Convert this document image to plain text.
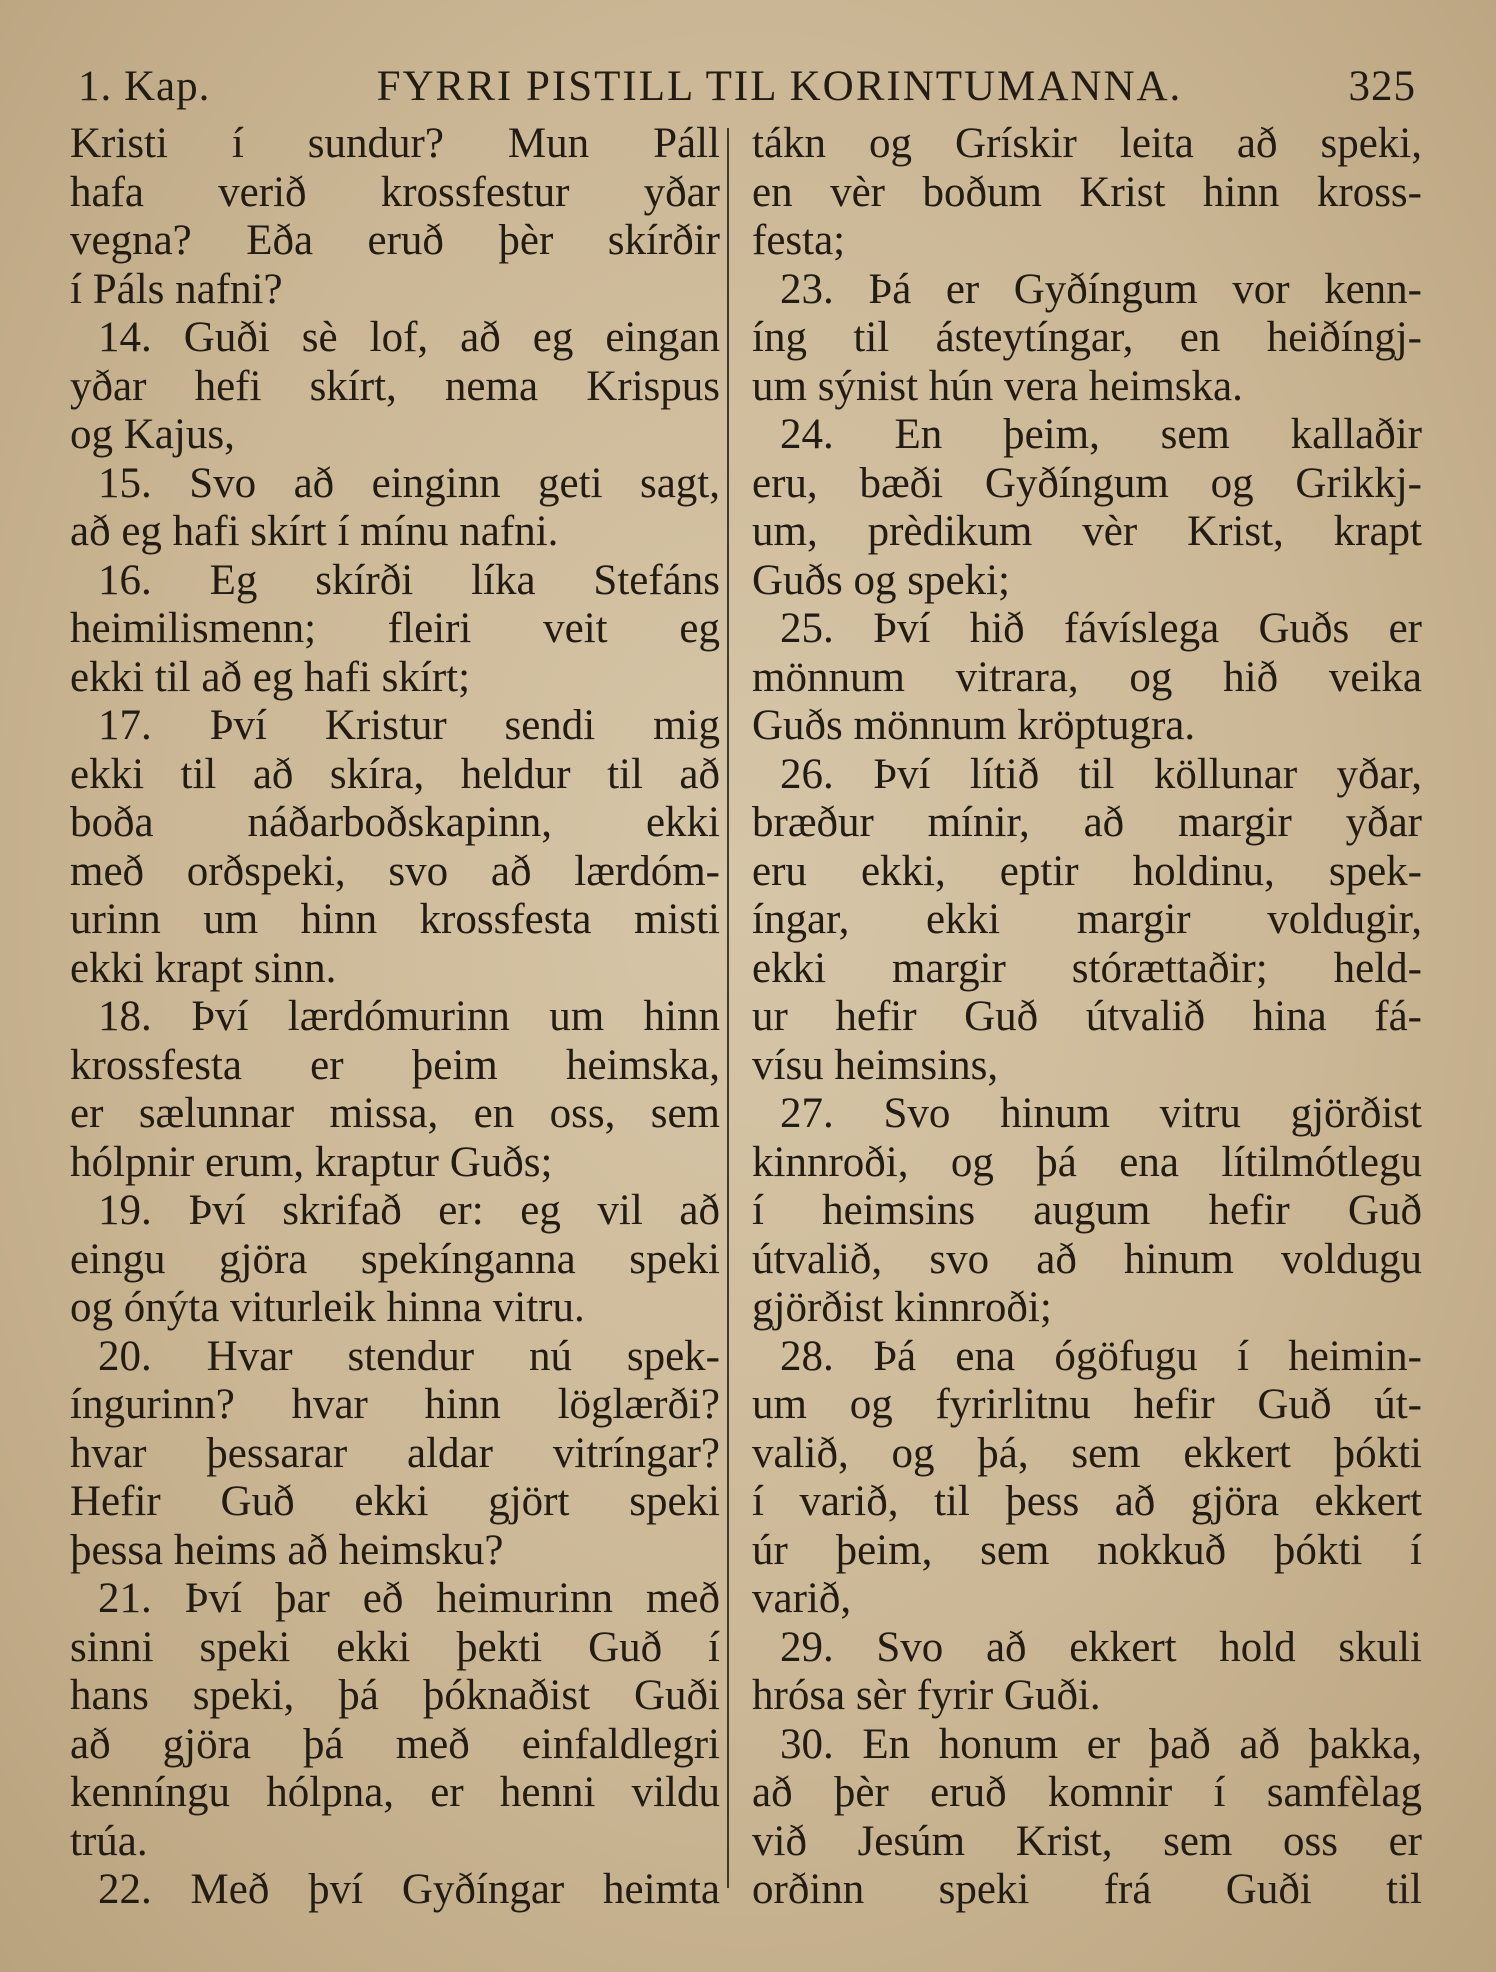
1. Kap.	FYRRI PISTILL TIL KORINTUMANNA.	325
Kristi í sundur? Mun Páll
hafa verið krossfestur yðar
vegna? Eða eruð þèr skírðir
í Páls nafni?
14. Guði sè lof, að eg eingan
yðar hefi skírt, nema Krispus
og Kajus,
15. Svo að einginn geti sagt,
að eg hafi skírt í mínu nafni.
16. Eg skírði líka Stefáns
heimilismenn; fleiri veit eg
ekki til að eg hafi skírt;
17. Því Kristur sendi mig
ekki til að skíra, heldur til að
boða náðarboðskapinn, ekki
með orðspeki, svo að lærdóm-
urinn um hinn krossfesta misti
ekki krapt sinn.
18. Því lærdómurinn um hinn
krossfesta er þeim heimska,
er sælunnar missa, en oss, sem
hólpnir erum, kraptur Guðs;
19. Því skrifað er: eg vil að
eingu gjöra spekínganna speki
og ónýta viturleik hinna vitru.
20. Hvar stendur nú spek-
íngurinn? hvar hinn löglærði?
hvar þessarar aldar vitríngar?
Hefir Guð ekki gjört speki
þessa heims að heimsku?
21. Því þar eð heimurinn með
sinni speki ekki þekti Guð í
hans speki, þá þóknaðist Guði
að gjöra þá með einfaldlegri
kenníngu hólpna, er henni vildu
trúa.
22. Með því Gyðíngar heimta
tákn og Grískir leita að speki,
en vèr boðum Krist hinn kross-
festa;
23. Þá er Gyðíngum vor kenn-
íng til ásteytíngar, en heiðíngj-
um sýnist hún vera heimska.
24. En þeim, sem kallaðir
eru, bæði Gyðíngum og Grikkj-
um, prèdikum vèr Krist, krapt
Guðs og speki;
25. Því hið fávíslega Guðs er
mönnum vitrara, og hið veika
Guðs mönnum kröptugra.
26. Því lítið til köllunar yðar,
bræður mínir, að margir yðar
eru ekki, eptir holdinu, spek-
íngar, ekki margir voldugir,
ekki margir stórættaðir; held-
ur hefir Guð útvalið hina fá-
vísu heimsins,
27. Svo hinum vitru gjörðist
kinnroði, og þá ena lítilmótlegu
í heimsins augum hefir Guð
útvalið, svo að hinum voldugu
gjörðist kinnroði;
28. Þá ena ógöfugu í heimin-
um og fyrirlitnu hefir Guð út-
valið, og þá, sem ekkert þókti
í varið, til þess að gjöra ekkert
úr þeim, sem nokkuð þókti í
varið,
29. Svo að ekkert hold skuli
hrósa sèr fyrir Guði.
30. En honum er það að þakka,
að þèr eruð komnir í samfèlag
við Jesúm Krist, sem oss er
orðinn speki frá Guði til
